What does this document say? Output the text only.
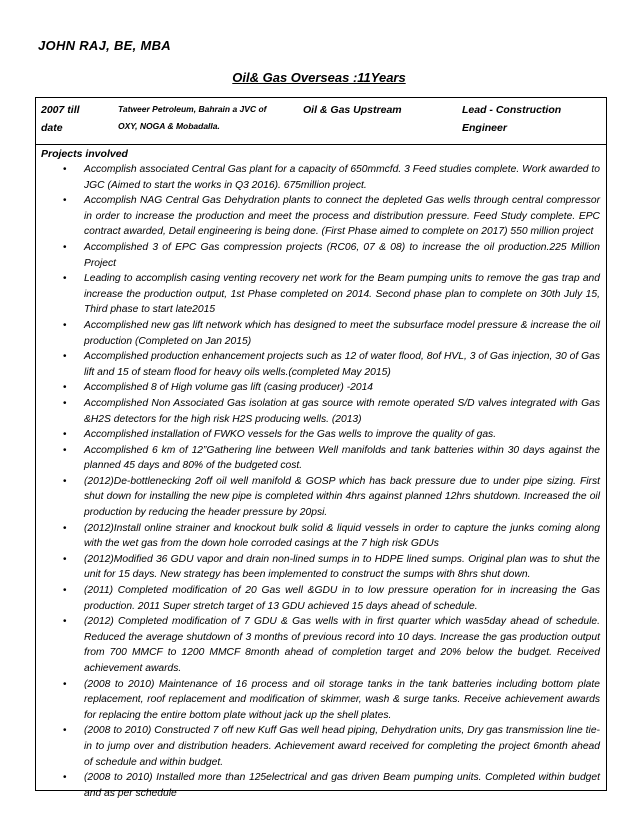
JOHN RAJ, BE, MBA
Oil& Gas Overseas :11Years
2007 till date
Tatweer Petroleum, Bahrain a JVC of OXY, NOGA & Mobadalla.
Oil & Gas Upstream	Lead - Construction Engineer
Projects involved
• Accomplish associated Central Gas plant for a capacity of 650mmcfd. 3 Feed studies complete. Work awarded to JGC (Aimed to start the works in Q3 2016). 675million project.
• Accomplish NAG Central Gas Dehydration plants to connect the depleted Gas wells through central compressor in order to increase the production and meet the process and distribution pressure. Feed Study complete. EPC contract awarded, Detail engineering is being done. (First Phase aimed to complete on 2017) 550 million project
• Accomplished 3 of EPC Gas compression projects (RC06, 07 & 08) to increase the oil production.225 Million Project
• Leading to accomplish casing venting recovery net work for the Beam pumping units to remove the gas trap and increase the production output, 1st Phase completed on 2014. Second phase plan to complete on 30th July 15, Third phase to start late2015
• Accomplished new gas lift network which has designed to meet the subsurface model pressure & increase the oil production (Completed on Jan 2015)
• Accomplished production enhancement projects such as 12 of water flood, 8of HVL, 3 of Gas injection, 30 of Gas lift and 15 of steam flood for heavy oils wells.(completed May 2015)
• Accomplished 8 of High volume gas lift (casing producer) -2014
• Accomplished Non Associated Gas isolation at gas source with remote operated S/D valves integrated with Gas &H2S detectors for the high risk H2S producing wells. (2013)
• Accomplished installation of FWKO vessels for the Gas wells to improve the quality of gas.
• Accomplished 6 km of 12”Gathering line between Well manifolds and tank batteries within 30 days against the planned 45 days and 80% of the budgeted cost.
• (2012)De-bottlenecking 2off oil well manifold & GOSP which has back pressure due to under pipe sizing. First shut down for installing the new pipe is completed within 4hrs against planned 12hrs shutdown. Increased the oil production by reducing the header pressure by 20psi.
• (2012)Install online strainer and knockout bulk solid & liquid vessels in order to capture the junks coming along with the wet gas from the down hole corroded casings at the 7 high risk GDUs
• (2012)Modified 36 GDU vapor and drain non-lined sumps in to HDPE lined sumps. Original plan was to shut the unit for 15 days. New strategy has been implemented to construct the sumps with 8hrs shut down.
• (2011) Completed modification of 20 Gas well &GDU in to low pressure operation for in increasing the Gas production. 2011 Super stretch target of 13 GDU achieved 15 days ahead of schedule.
• (2012) Completed modification of 7 GDU & Gas wells with in first quarter which was5day ahead of schedule. Reduced the average shutdown of 3 months of previous record into 10 days. Increase the gas production output from 700 MMCF to 1200 MMCF 8month ahead of completion target and 20% below the budget. Received achievement awards.
• (2008 to 2010) Maintenance of 16 process and oil storage tanks in the tank batteries including bottom plate replacement, roof replacement and modification of skimmer, wash & surge tanks. Receive achievement awards for replacing the entire bottom plate without jack up the shell plates.
• (2008 to 2010) Constructed 7 off new Kuff Gas well head piping, Dehydration units, Dry gas transmission line tie-in to jump over and distribution headers. Achievement award received for completing the project 6month ahead of schedule and within budget.
• (2008 to 2010) Installed more than 125electrical and gas driven Beam pumping units. Completed within budget and as per schedule
